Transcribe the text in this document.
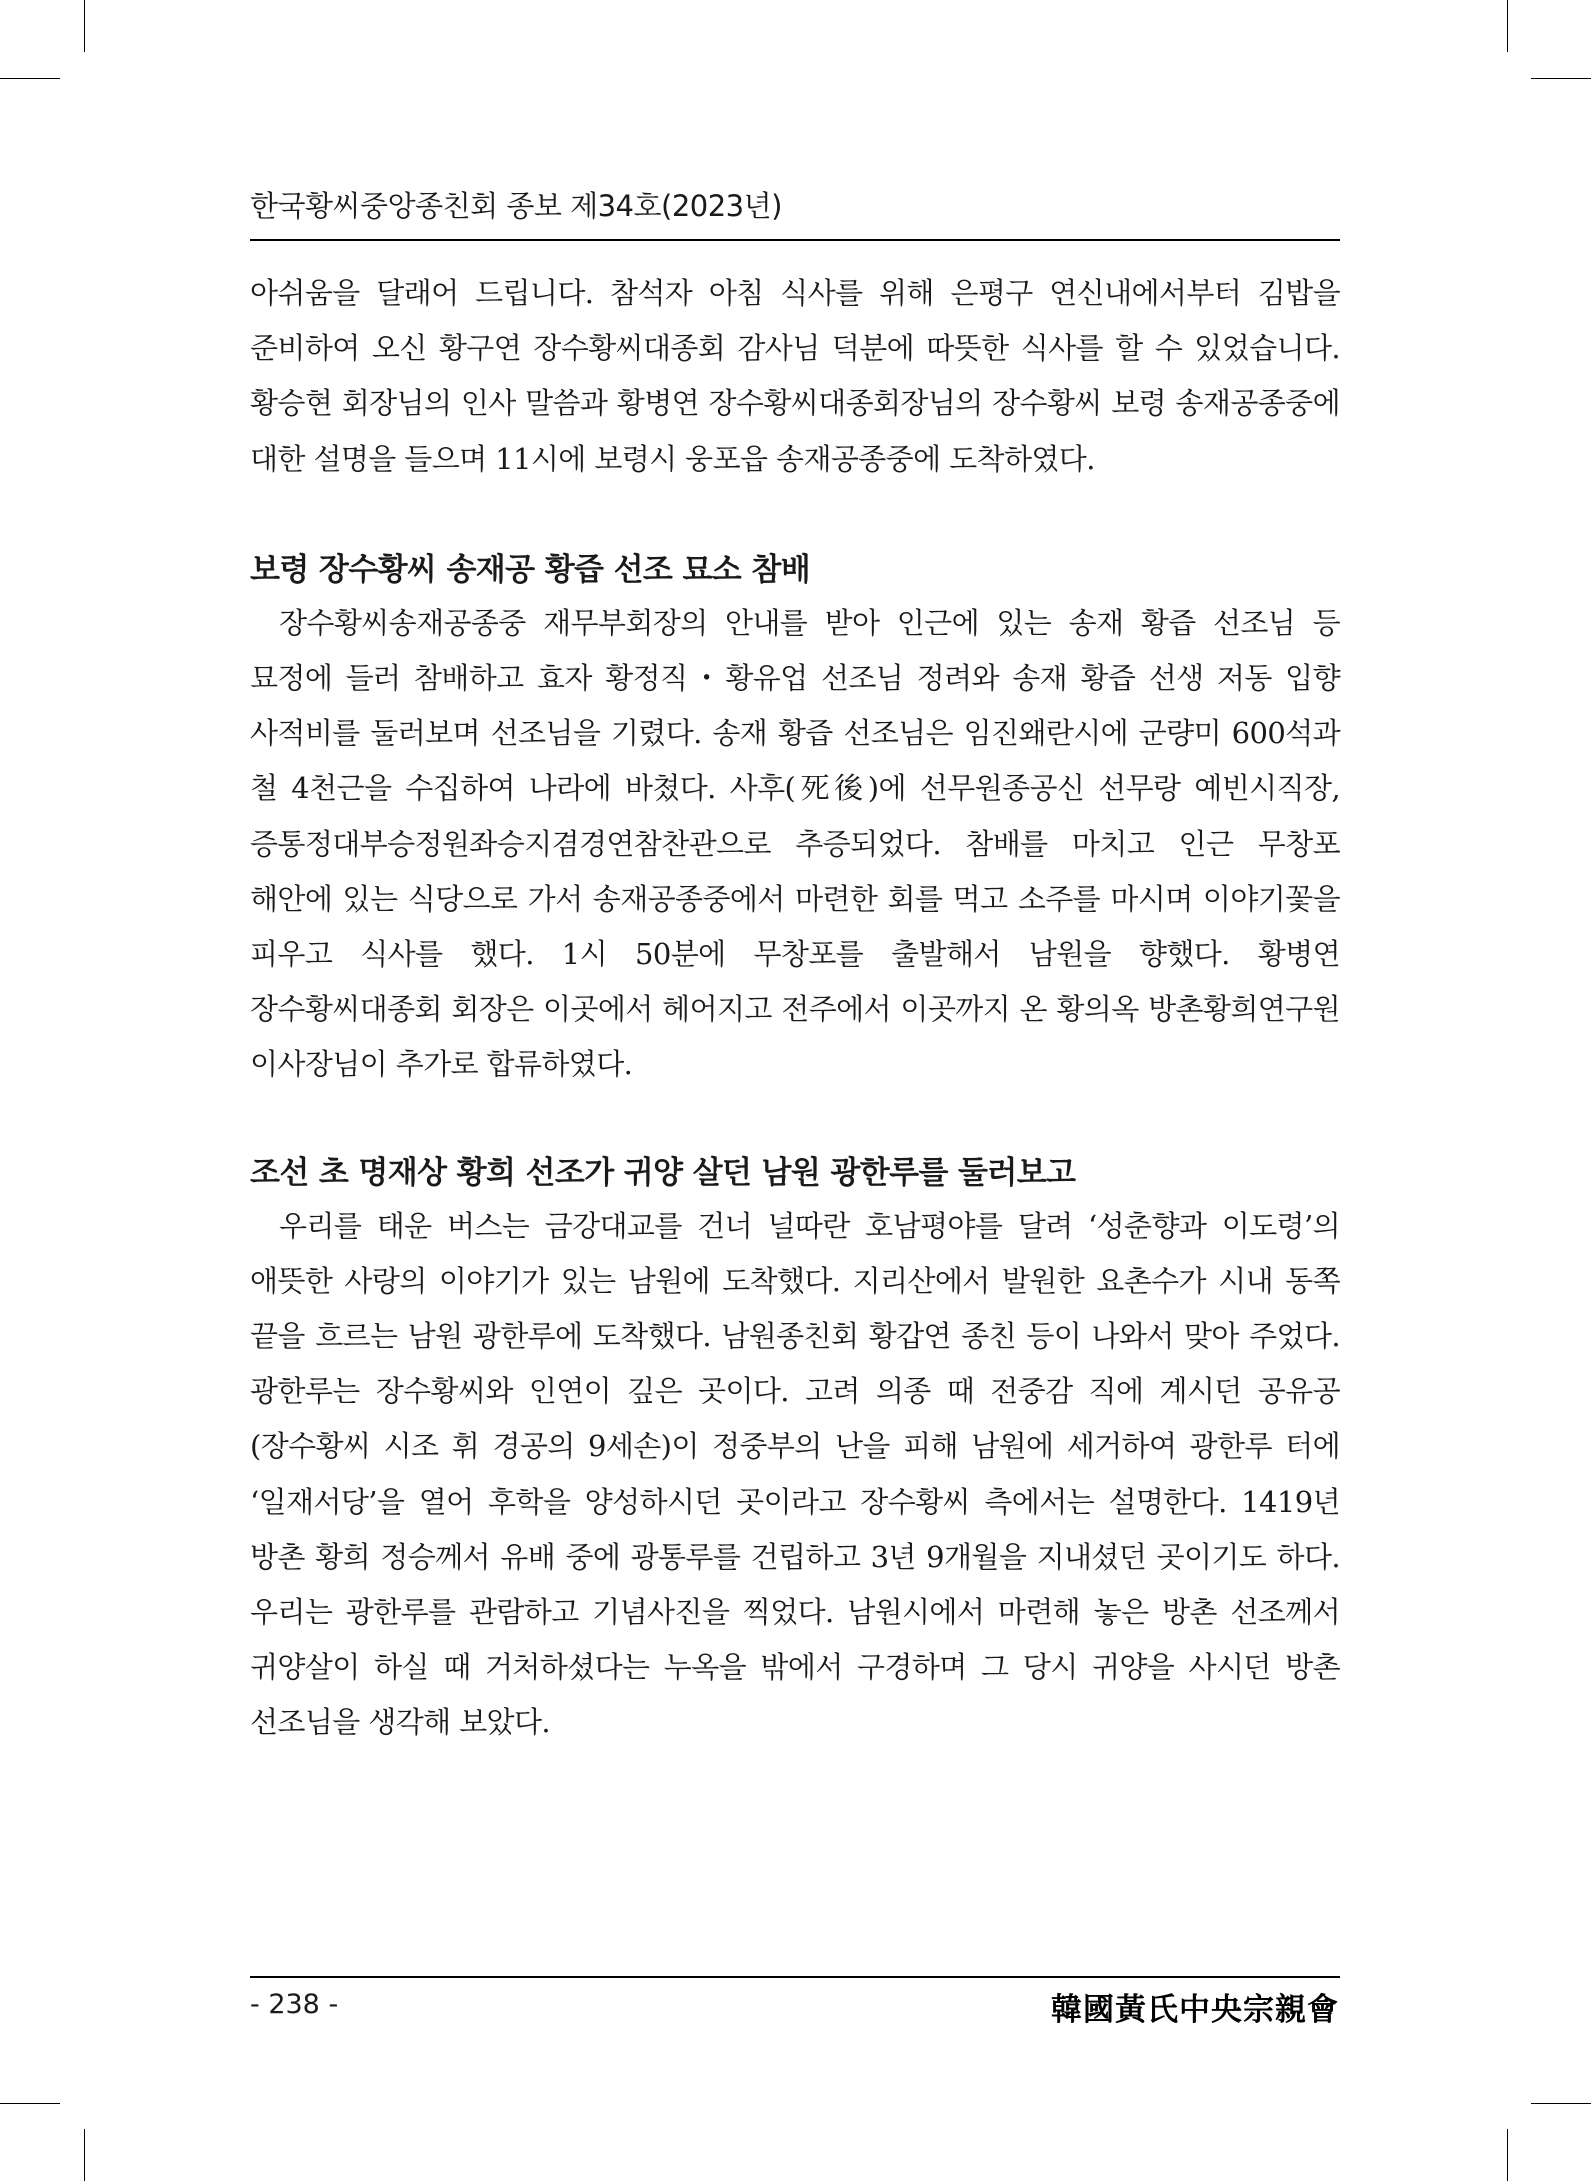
한국황씨중앙종친회 종보 제34호(2023년)

아쉬움을 달래어 드립니다. 참석자 아침 식사를 위해 은평구 연신내에서부터 김밥을 준비하여 오신 황구연 장수황씨대종회 감사님 덕분에 따뜻한 식사를 할 수 있었습니다. 황승현 회장님의 인사 말씀과 황병연 장수황씨대종회장님의 장수황씨 보령 송재공종중에 대한 설명을 들으며 11시에 보령시 웅포읍 송재공종중에 도착하였다.

보령 장수황씨 송재공 황즙 선조 묘소 참배

장수황씨송재공종중 재무부회장의 안내를 받아 인근에 있는 송재 황즙 선조님 등 묘정에 들러 참배하고 효자 황정직・황유업 선조님 정려와 송재 황즙 선생 저동 입향 사적비를 둘러보며 선조님을 기렸다. 송재 황즙 선조님은 임진왜란시에 군량미 600석과 철 4천근을 수집하여 나라에 바쳤다. 사후(死後)에 선무원종공신 선무랑 예빈시직장, 증통정대부승정원좌승지겸경연참찬관으로 추증되었다. 참배를 마치고 인근 무창포 해안에 있는 식당으로 가서 송재공종중에서 마련한 회를 먹고 소주를 마시며 이야기꽃을 피우고 식사를 했다. 1시 50분에 무창포를 출발해서 남원을 향했다. 황병연 장수황씨대종회 회장은 이곳에서 헤어지고 전주에서 이곳까지 온 황의옥 방촌황희연구원 이사장님이 추가로 합류하였다.

조선 초 명재상 황희 선조가 귀양 살던 남원 광한루를 둘러보고

우리를 태운 버스는 금강대교를 건너 널따란 호남평야를 달려 ‘성춘향과 이도령’의 애뜻한 사랑의 이야기가 있는 남원에 도착했다. 지리산에서 발원한 요촌수가 시내 동쪽 끝을 흐르는 남원 광한루에 도착했다. 남원종친회 황갑연 종친 등이 나와서 맞아 주었다. 광한루는 장수황씨와 인연이 깊은 곳이다. 고려 의종 때 전중감 직에 계시던 공유공(장수황씨 시조 휘 경공의 9세손)이 정중부의 난을 피해 남원에 세거하여 광한루 터에 ‘일재서당’을 열어 후학을 양성하시던 곳이라고 장수황씨 측에서는 설명한다. 1419년 방촌 황희 정승께서 유배 중에 광통루를 건립하고 3년 9개월을 지내셨던 곳이기도 하다. 우리는 광한루를 관람하고 기념사진을 찍었다. 남원시에서 마련해 놓은 방촌 선조께서 귀양살이 하실 때 거처하셨다는 누옥을 밖에서 구경하며 그 당시 귀양을 사시던 방촌 선조님을 생각해 보았다.

- 238 -	韓國黃氏中央宗親會
